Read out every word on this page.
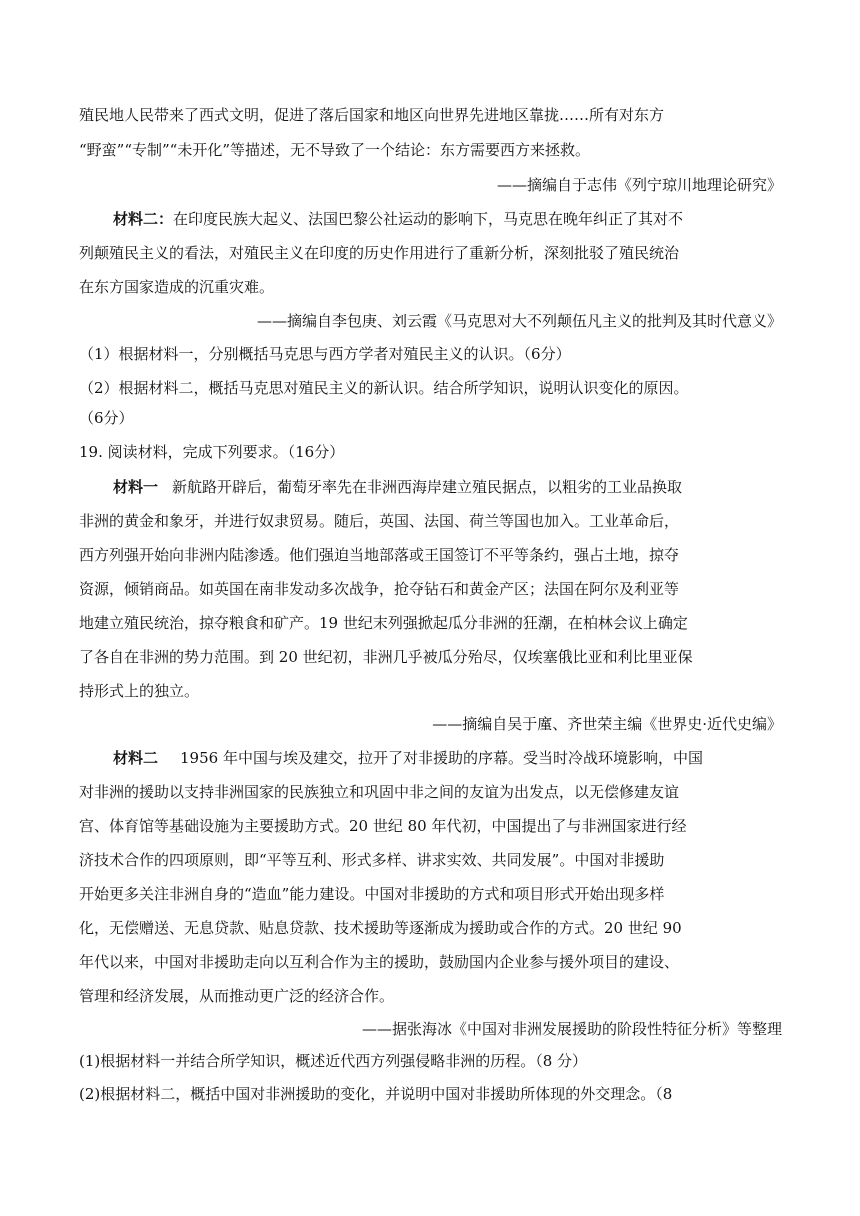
殖民地人民带来了西式文明，促进了落后国家和地区向世界先进地区靠拢……所有对东方
“野蛮”“专制”“未开化”等描述，无不导致了一个结论：东方需要西方来拯救。
——摘编自于志伟《列宁琼川地理论研究》
材料二：在印度民族大起义、法国巴黎公社运动的影响下，马克思在晚年纠正了其对不
列颠殖民主义的看法，对殖民主义在印度的历史作用进行了重新分析，深刻批驳了殖民统治
在东方国家造成的沉重灾难。
——摘编自李包庚、刘云霞《马克思对大不列颠伍凡主义的批判及其时代意义》
（1）根据材料一，分别概括马克思与西方学者对殖民主义的认识。（6分）
（2）根据材料二，概括马克思对殖民主义的新认识。结合所学知识，说明认识变化的原因。
（6分）
19. 阅读材料，完成下列要求。（16分）
材料一 新航路开辟后，葡萄牙率先在非洲西海岸建立殖民据点，以粗劣的工业品换取
非洲的黄金和象牙，并进行奴隶贸易。随后，英国、法国、荷兰等国也加入。工业革命后，
西方列强开始向非洲内陆渗透。他们强迫当地部落或王国签订不平等条约，强占土地，掠夺
资源，倾销商品。如英国在南非发动多次战争，抢夺钻石和黄金产区；法国在阿尔及利亚等
地建立殖民统治，掠夺粮食和矿产。19 世纪末列强掀起瓜分非洲的狂潮，在柏林会议上确定
了各自在非洲的势力范围。到 20 世纪初，非洲几乎被瓜分殆尽，仅埃塞俄比亚和利比里亚保
持形式上的独立。
——摘编自吴于廑、齐世荣主编《世界史·近代史编》
材料二 1956 年中国与埃及建交，拉开了对非援助的序幕。受当时冷战环境影响，中国
对非洲的援助以支持非洲国家的民族独立和巩固中非之间的友谊为出发点，以无偿修建友谊
宫、体育馆等基础设施为主要援助方式。20 世纪 80 年代初，中国提出了与非洲国家进行经
济技术合作的四项原则，即“平等互利、形式多样、讲求实效、共同发展”。中国对非援助
开始更多关注非洲自身的“造血”能力建设。中国对非援助的方式和项目形式开始出现多样
化，无偿赠送、无息贷款、贴息贷款、技术援助等逐渐成为援助或合作的方式。20 世纪 90
年代以来，中国对非援助走向以互利合作为主的援助，鼓励国内企业参与援外项目的建设、
管理和经济发展，从而推动更广泛的经济合作。
——据张海冰《中国对非洲发展援助的阶段性特征分析》等整理
(1)根据材料一并结合所学知识，概述近代西方列强侵略非洲的历程。（8 分）
(2)根据材料二，概括中国对非洲援助的变化，并说明中国对非援助所体现的外交理念。（8
